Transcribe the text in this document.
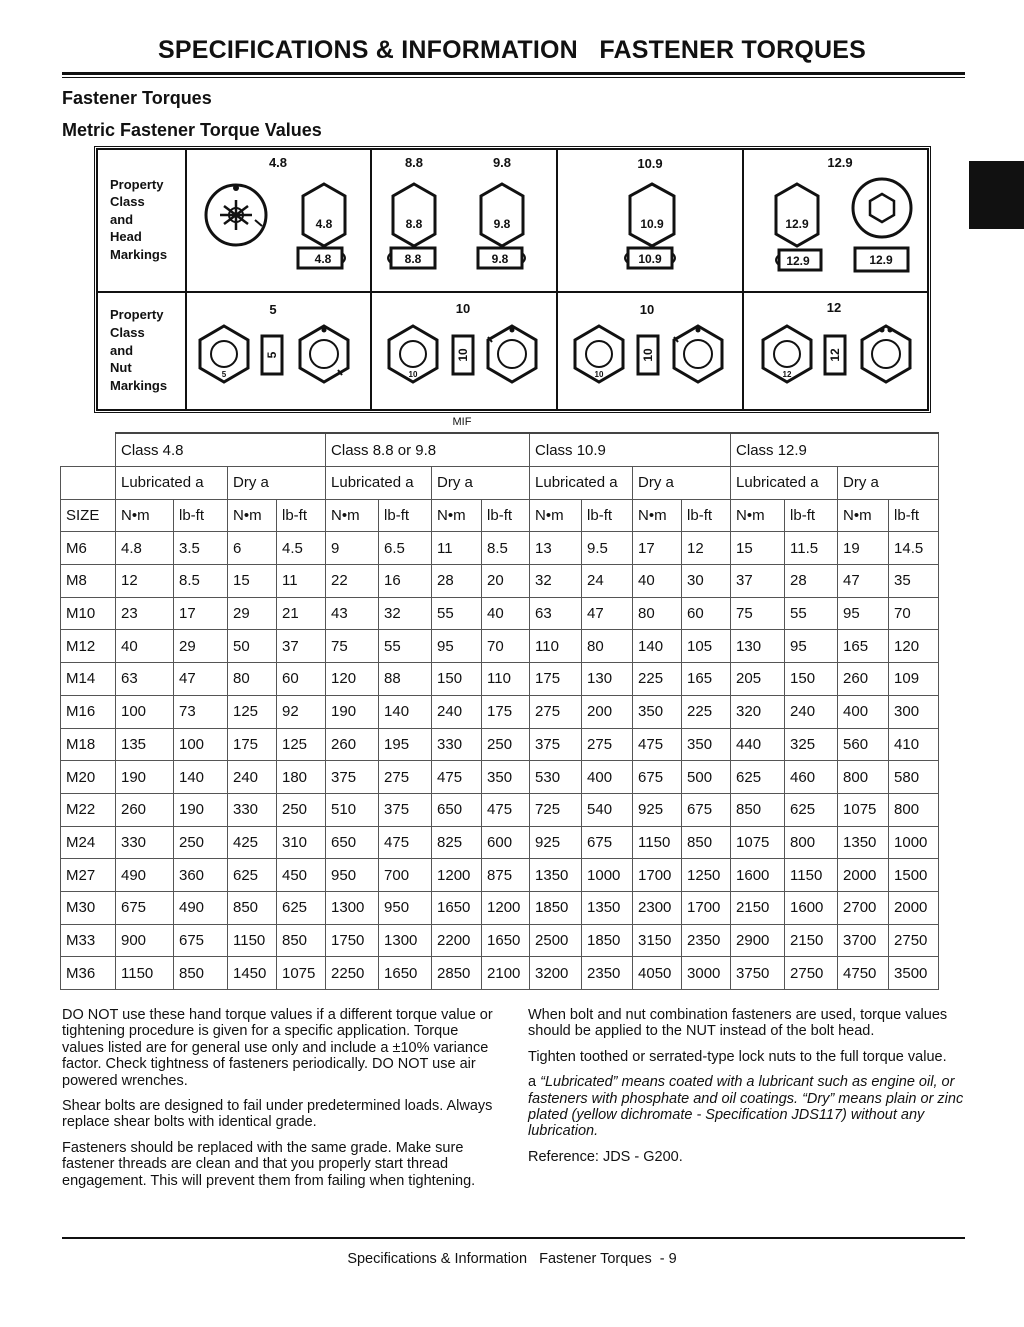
SPECIFICATIONS & INFORMATION   FASTENER TORQUES
Fastener Torques
Metric Fastener Torque Values
Property
Class
and
Head
Markings
Property
Class
and
Nut
Markings
4.8	8.8	9.8	10.9	12.9
4.8
4.8
8.8
8.8
9.8
9.8
10.9
10.9
12.9
12.9	12.9
5	10	10	12
5
5
10
10
10
10
12
12
MIF
	Class 4.8				Class 8.8 or 9.8				Class 10.9				Class 12.9			
	Lubricated a		Dry a		Lubricated a		Dry a		Lubricated a		Dry a		Lubricated a		Dry a	
SIZE	N•m	lb-ft	N•m	lb-ft	N•m	lb-ft	N•m	lb-ft	N•m	lb-ft	N•m	lb-ft	N•m	lb-ft	N•m	lb-ft
M6	4.8	3.5	6	4.5	9	6.5	11	8.5	13	9.5	17	12	15	11.5	19	14.5
M8	12	8.5	15	11	22	16	28	20	32	24	40	30	37	28	47	35
M10	23	17	29	21	43	32	55	40	63	47	80	60	75	55	95	70
M12	40	29	50	37	75	55	95	70	110	80	140	105	130	95	165	120
M14	63	47	80	60	120	88	150	110	175	130	225	165	205	150	260	109
M16	100	73	125	92	190	140	240	175	275	200	350	225	320	240	400	300
M18	135	100	175	125	260	195	330	250	375	275	475	350	440	325	560	410
M20	190	140	240	180	375	275	475	350	530	400	675	500	625	460	800	580
M22	260	190	330	250	510	375	650	475	725	540	925	675	850	625	1075	800
M24	330	250	425	310	650	475	825	600	925	675	1150	850	1075	800	1350	1000
M27	490	360	625	450	950	700	1200	875	1350	1000	1700	1250	1600	1150	2000	1500
M30	675	490	850	625	1300	950	1650	1200	1850	1350	2300	1700	2150	1600	2700	2000
M33	900	675	1150	850	1750	1300	2200	1650	2500	1850	3150	2350	2900	2150	3700	2750
M36	1150	850	1450	1075	2250	1650	2850	2100	3200	2350	4050	3000	3750	2750	4750	3500

DO NOT use these hand torque values if a different torque value or tightening procedure is given for a specific application. Torque values listed are for general use only and include a ±10% variance factor. Check tightness of fasteners periodically. DO NOT use air powered wrenches.

Shear bolts are designed to fail under predetermined loads. Always replace shear bolts with identical grade.

Fasteners should be replaced with the same grade. Make sure fastener threads are clean and that you properly start thread engagement. This will prevent them from failing when tightening.

When bolt and nut combination fasteners are used, torque values should be applied to the NUT instead of the bolt head.

Tighten toothed or serrated-type lock nuts to the full torque value.

a “Lubricated” means coated with a lubricant such as engine oil, or fasteners with phosphate and oil coatings. “Dry” means plain or zinc plated (yellow dichromate - Specification JDS117) without any lubrication.

Reference: JDS - G200.

Specifications & Information   Fastener Torques  - 9
